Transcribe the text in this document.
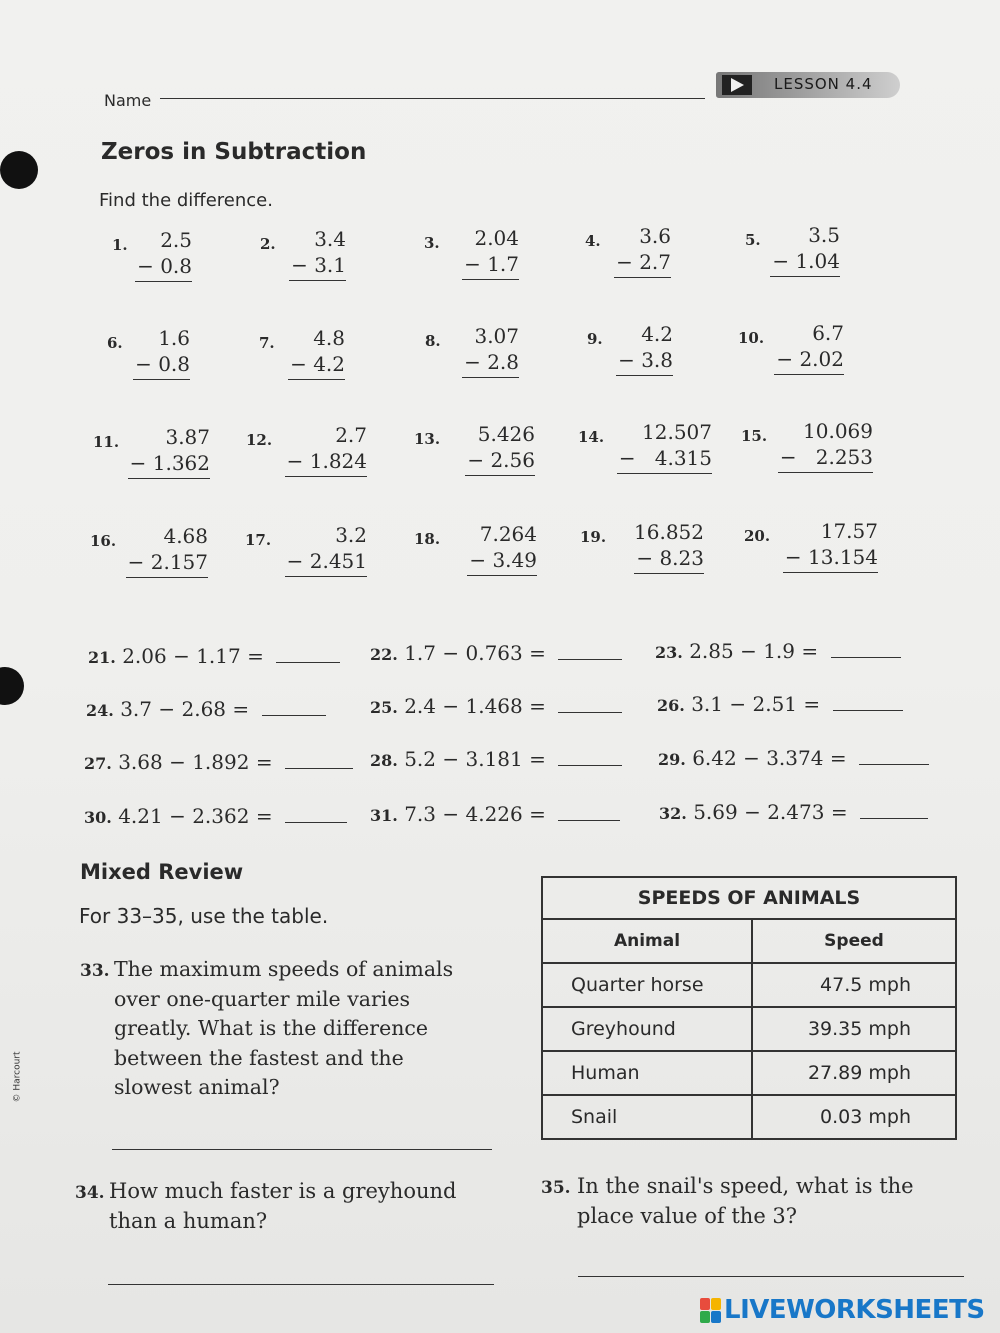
Name
LESSON 4.4
Zeros in Subtraction
Find the difference.
1. 2.5
− 0.8
2. 3.4
− 3.1
3. 2.04
− 1.7
4. 3.6
− 2.7
5. 3.5
− 1.04
6. 1.6
− 0.8
7. 4.8
− 4.2
8. 3.07
− 2.8
9. 4.2
− 3.8
10. 6.7
− 2.02
11. 3.87
− 1.362
12.	2.7
− 1.824
13. 5.426
− 2.56
14. 12.507
−   4.315
15. 10.069
−   2.253
16. 4.68
− 2.157
17.	3.2
− 2.451
18. 7.264
− 3.49
19. 16.852
− 8.23
20.	17.57
− 13.154
21. 2.06 − 1.17 =	22. 1.7 − 0.763 =	23. 2.85 − 1.9 =
24. 3.7 − 2.68 =	25. 2.4 − 1.468 =	26. 3.1 − 2.51 =
27. 3.68 − 1.892 =	28. 5.2 − 3.181 =	29. 6.42 − 3.374 =
30. 4.21 − 2.362 =	31. 7.3 − 4.226 =	32. 5.69 − 2.473 =
Mixed Review
For 33–35, use the table.
33. The maximum speeds of animals
over one-quarter mile varies
greatly. What is the difference
between the fastest and the
slowest animal?
34. How much faster is a greyhound
than a human?
35. In the snail's speed, what is the
place value of the 3?
SPEEDS OF ANIMALS	
Animal	Speed
Quarter horse	47.5 mph
Greyhound	39.35 mph
Human	27.89 mph
Snail	0.03 mph
© Harcourt
LIVEWORKSHEETS
